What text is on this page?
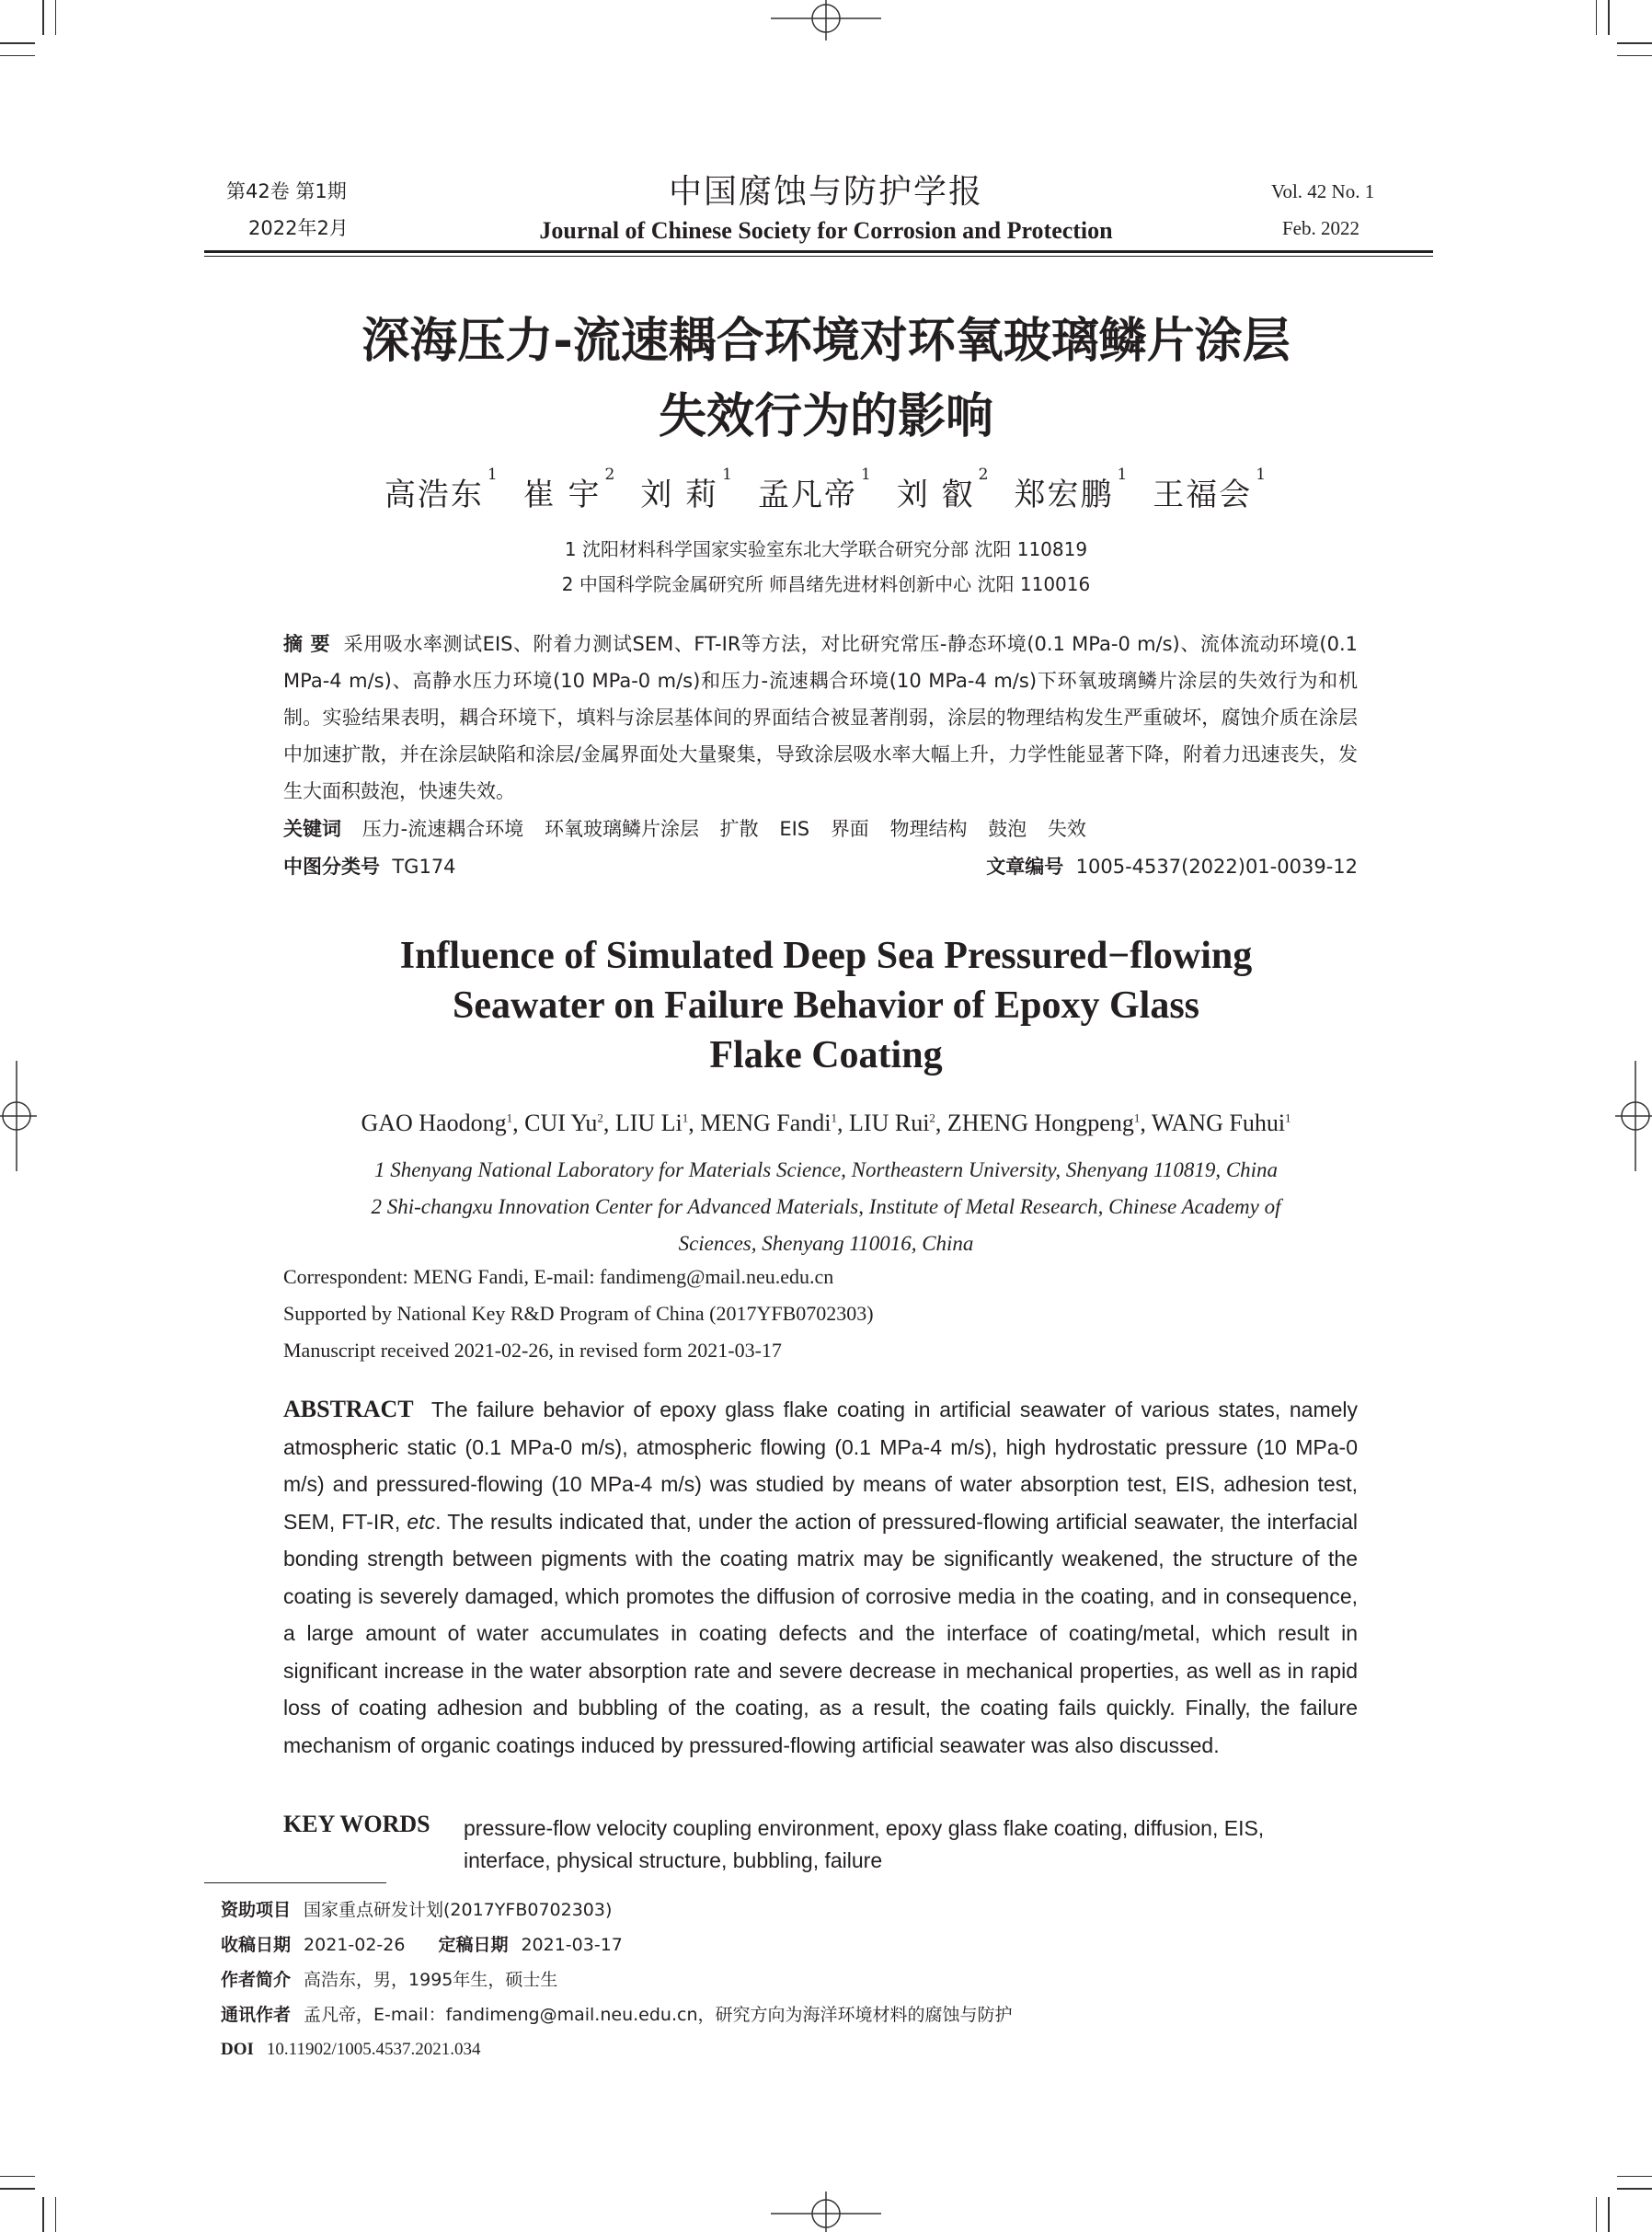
第42卷 第1期
2022年2月
中国腐蚀与防护学报
Journal of Chinese Society for Corrosion and Protection
Vol. 42 No. 1
Feb. 2022
深海压力-流速耦合环境对环氧玻璃鳞片涂层
失效行为的影响
高浩东$^1$崔 宇$^2$刘 莉$^1$孟凡帝$^1$刘 叡$^2$郑宏鹏$^1$王福会$^1$
1 沈阳材料科学国家实验室东北大学联合研究分部 沈阳 110819
2 中国科学院金属研究所 师昌绪先进材料创新中心 沈阳 110016
摘 要 采用吸水率测试EIS、附着力测试SEM、FT-IR等方法，对比研究常压-静态环境(0.1 MPa-0 m/s)、流体流动环境(0.1 MPa-4 m/s)、高静水压力环境(10 MPa-0 m/s)和压力-流速耦合环境(10 MPa-4 m/s)下环氧玻璃鳞片涂层的失效行为和机制。实验结果表明，耦合环境下，填料与涂层基体间的界面结合被显著削弱，涂层的物理结构发生严重破坏，腐蚀介质在涂层中加速扩散，并在涂层缺陷和涂层/金属界面处大量聚集，导致涂层吸水率大幅上升，力学性能显著下降，附着力迅速丧失，发生大面积鼓泡，快速失效。
关键词 压力-流速耦合环境 环氧玻璃鳞片涂层 扩散 EIS 界面 物理结构 鼓泡 失效
中图分类号 TG174	文章编号 1005-4537(2022)01-0039-12
Influence of Simulated Deep Sea Pressured−flowing
Seawater on Failure Behavior of Epoxy Glass
Flake Coating
GAO Haodong$^1$, CUI Yu$^2$, LIU Li$^1$, MENG Fandi$^1$, LIU Rui$^2$, ZHENG Hongpeng$^1$, WANG Fuhui$^1$
1 Shenyang National Laboratory for Materials Science, Northeastern University, Shenyang 110819, China
2 Shi-changxu Innovation Center for Advanced Materials, Institute of Metal Research, Chinese Academy of
Sciences, Shenyang 110016, China
Correspondent: MENG Fandi, E-mail: fandimeng@mail.neu.edu.cn
Supported by National Key R&D Program of China (2017YFB0702303)
Manuscript received 2021-02-26, in revised form 2021-03-17
ABSTRACT The failure behavior of epoxy glass flake coating in artificial seawater of various states, namely atmospheric static (0.1 MPa-0 m/s), atmospheric flowing (0.1 MPa-4 m/s), high hydrostatic pressure (10 MPa-0 m/s) and pressured-flowing (10 MPa-4 m/s) was studied by means of water absorption test, EIS, adhesion test, SEM, FT-IR, etc. The results indicated that, under the action of pressured-flowing artificial seawater, the interfacial bonding strength between pigments with the coating matrix may be significantly weakened, the structure of the coating is severely damaged, which promotes the diffusion of corrosive media in the coating, and in consequence, a large amount of water accumulates in coating defects and the interface of coating/metal, which result in significant increase in the water absorption rate and severe decrease in mechanical properties, as well as in rapid loss of coating adhesion and bubbling of the coating, as a result, the coating fails quickly. Finally, the failure mechanism of organic coatings induced by pressured-flowing artificial seawater was also discussed.
KEY WORDS pressure-flow velocity coupling environment, epoxy glass flake coating, diffusion, EIS,
interface, physical structure, bubbling, failure
资助项目 国家重点研发计划(2017YFB0702303)
收稿日期 2021-02-26 定稿日期 2021-03-17
作者简介 高浩东，男，1995年生，硕士生
通讯作者 孟凡帝，E-mail：fandimeng@mail.neu.edu.cn，研究方向为海洋环境材料的腐蚀与防护
DOI 10.11902/1005.4537.2021.034
